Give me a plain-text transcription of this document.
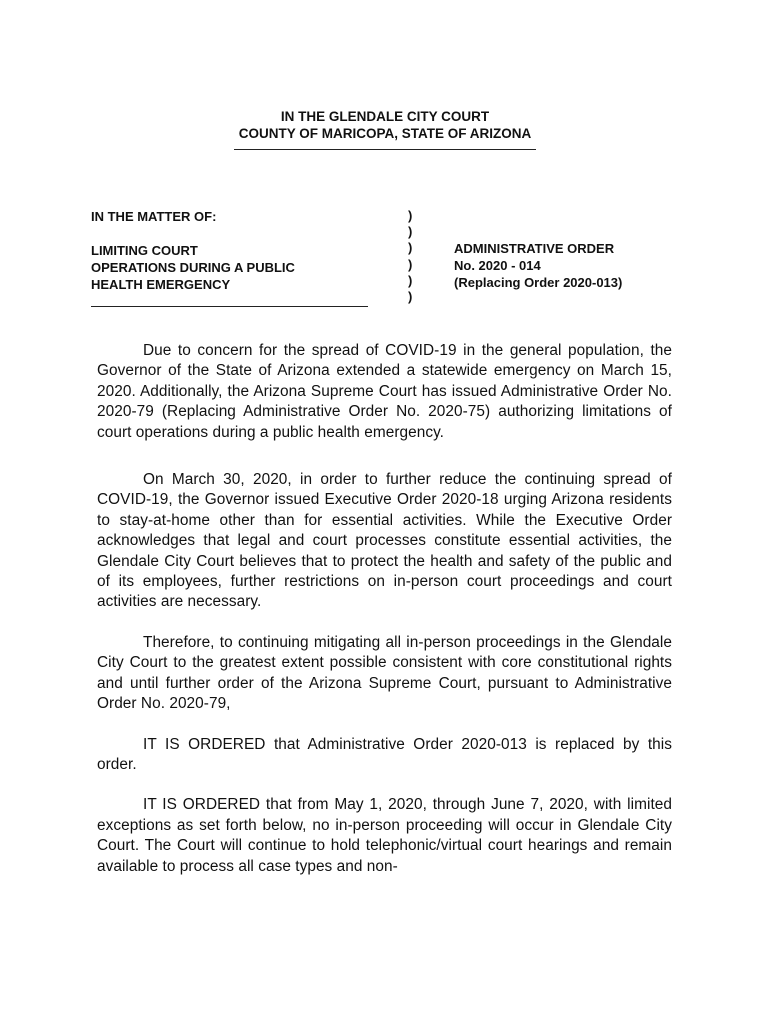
IN THE GLENDALE CITY COURT
COUNTY OF MARICOPA, STATE OF ARIZONA
IN THE MATTER OF:
LIMITING COURT
OPERATIONS DURING A PUBLIC
HEALTH EMERGENCY
)
)
)
)
)
)
ADMINISTRATIVE ORDER
No. 2020 - 014
(Replacing Order 2020-013)

Due to concern for the spread of COVID-19 in the general population, the Governor of the State of Arizona extended a statewide emergency on March 15, 2020. Additionally, the Arizona Supreme Court has issued Administrative Order No. 2020-79 (Replacing Administrative Order No. 2020-75) authorizing limitations of court operations during a public health emergency.

On March 30, 2020, in order to further reduce the continuing spread of COVID-19, the Governor issued Executive Order 2020-18 urging Arizona residents to stay-at-home other than for essential activities. While the Executive Order acknowledges that legal and court processes constitute essential activities, the Glendale City Court believes that to protect the health and safety of the public and of its employees, further restrictions on in-person court proceedings and court activities are necessary.

Therefore, to continuing mitigating all in-person proceedings in the Glendale City Court to the greatest extent possible consistent with core constitutional rights and until further order of the Arizona Supreme Court, pursuant to Administrative Order No. 2020-79,

IT IS ORDERED that Administrative Order 2020-013 is replaced by this order.

IT IS ORDERED that from May 1, 2020, through June 7, 2020, with limited exceptions as set forth below, no in-person proceeding will occur in Glendale City Court. The Court will continue to hold telephonic/virtual court hearings and remain available to process all case types and non-
